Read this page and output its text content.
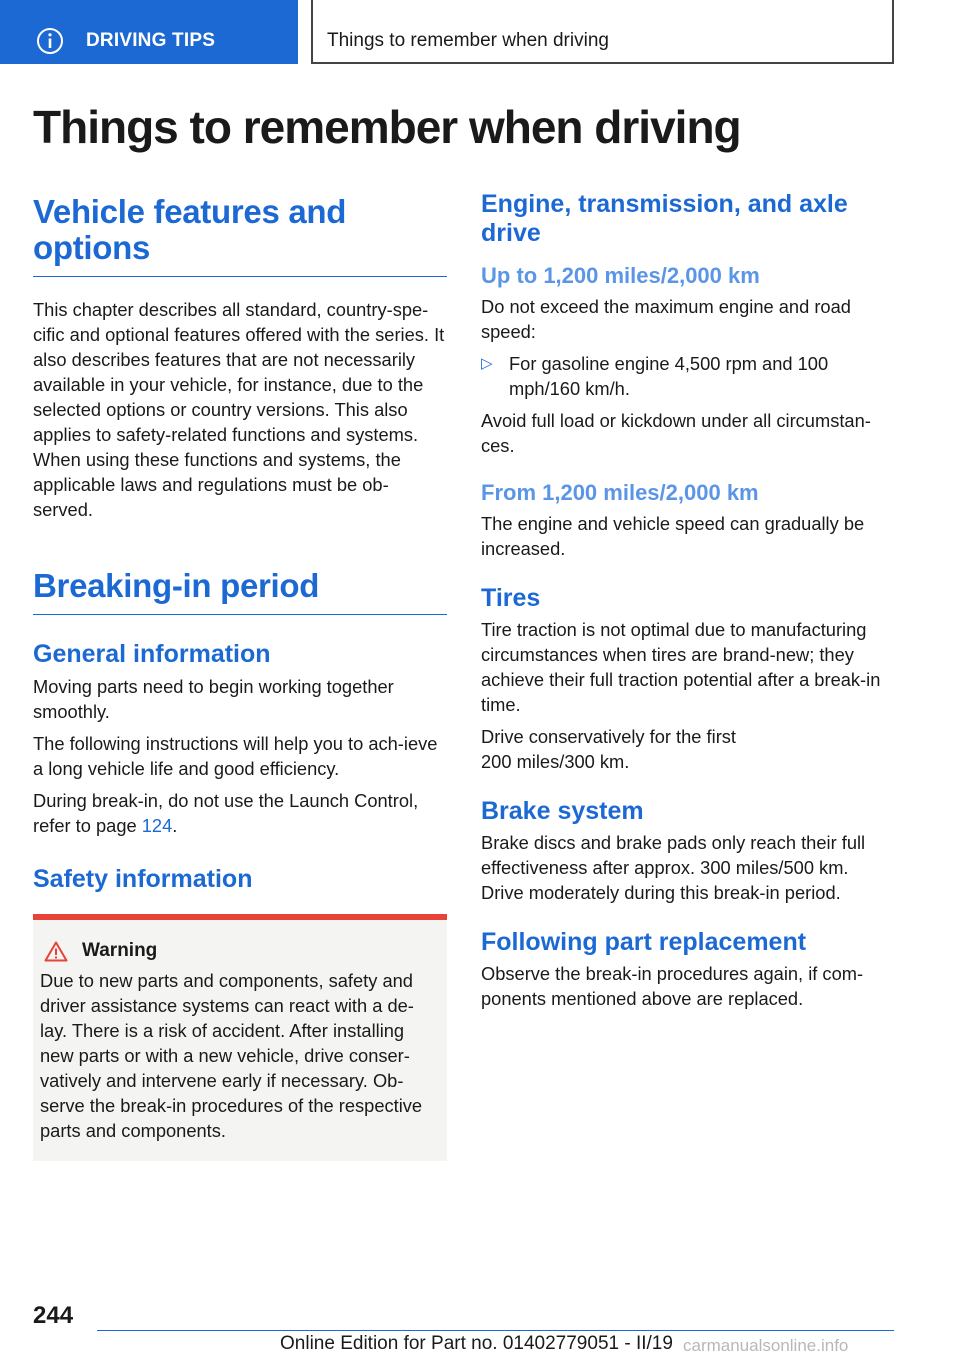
DRIVING TIPS	Things to remember when driving
Things to remember when driving
Vehicle features and
options

This chapter describes all standard, country-spe-cific and optional features offered with the series. It also describes features that are not necessarily available in your vehicle, for instance, due to the selected options or country versions. This also applies to safety-related functions and systems. When using these functions and systems, the applicable laws and regulations must be ob-served.

Breaking-in period
General information

Moving parts need to begin working together smoothly.

The following instructions will help you to ach-ieve a long vehicle life and good efficiency.

During break-in, do not use the Launch Control, refer to page 124.

Safety information
Warning

Due to new parts and components, safety and driver assistance systems can react with a de-lay. There is a risk of accident. After installing new parts or with a new vehicle, drive conser-vatively and intervene early if necessary. Ob-serve the break-in procedures of the respective parts and components.

Engine, transmission, and axle drive
Up to 1,200 miles/2,000 km

Do not exceed the maximum engine and road speed:

▷ For gasoline engine 4,500 rpm and 100 mph/160 km/h.

Avoid full load or kickdown under all circumstan-ces.

From 1,200 miles/2,000 km

The engine and vehicle speed can gradually be increased.

Tires

Tire traction is not optimal due to manufacturing circumstances when tires are brand-new; they achieve their full traction potential after a break-in time.

Drive conservatively for the first 200 miles/300 km.

Brake system

Brake discs and brake pads only reach their full effectiveness after approx. 300 miles/500 km. Drive moderately during this break-in period.

Following part replacement

Observe the break-in procedures again, if com-ponents mentioned above are replaced.

244
Online Edition for Part no. 01402779051 - II/19 carmanualsonline.info
